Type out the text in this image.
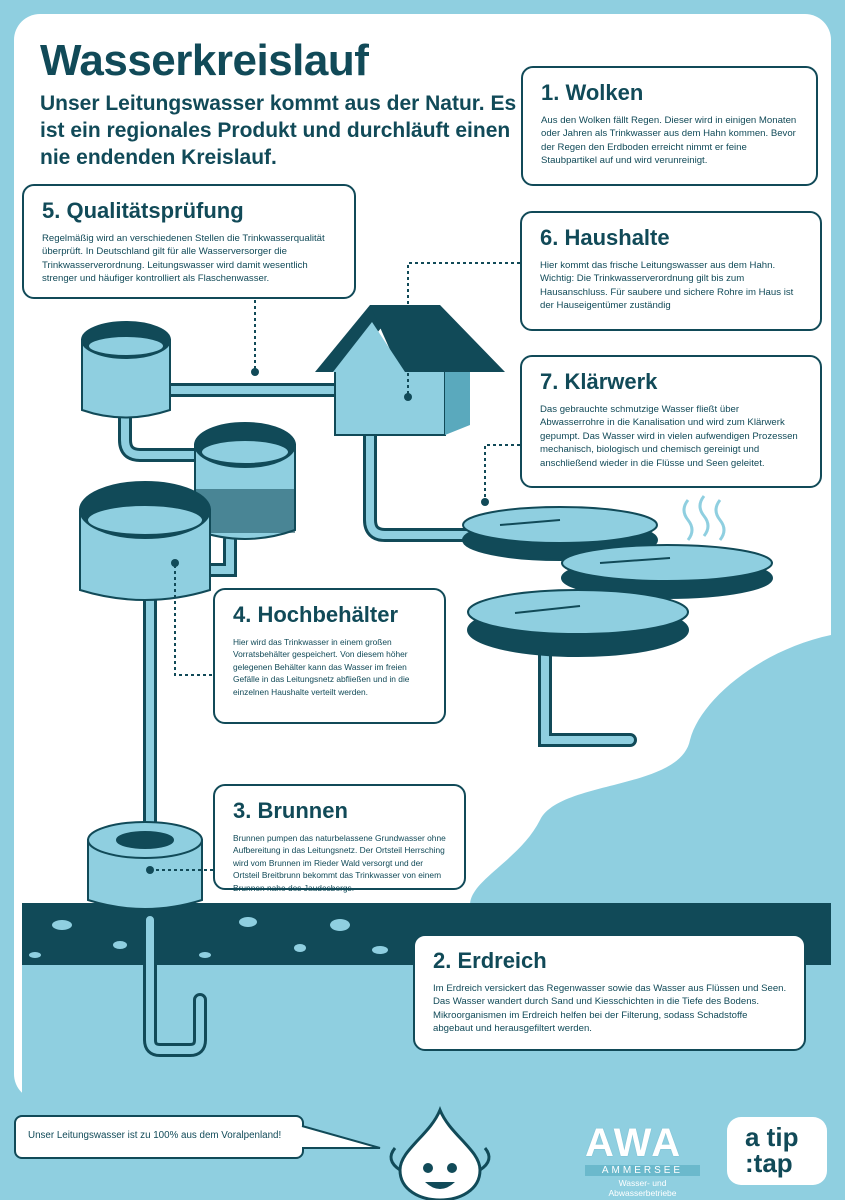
Wasserkreislauf

Unser Leitungswasser kommt aus der Natur. Es ist ein regionales Produkt und durchläuft einen nie endenden Kreislauf.

1. Wolken

Aus den Wolken fällt Regen. Dieser wird in einigen Monaten oder Jahren als Trinkwasser aus dem Hahn kommen. Bevor der Regen den Erdboden erreicht nimmt er feine Staubpartikel auf und wird verunreinigt.

5. Qualitätsprüfung

Regelmäßig wird an verschiedenen Stellen die Trinkwasserqualität überprüft. In Deutschland gilt für alle Wasserversorger die Trinkwasserverordnung. Leitungswasser wird damit wesentlich strenger und häufiger kontrolliert als Flaschenwasser.

6. Haushalte

Hier kommt das frische Leitungswasser aus dem Hahn. Wichtig: Die Trinkwasserverordnung gilt bis zum Hausanschluss. Für saubere und sichere Rohre im Haus ist der Hauseigentümer zuständig

7. Klärwerk

Das gebrauchte schmutzige Wasser fließt über Abwasserrohre in die Kanalisation und wird zum Klärwerk gepumpt. Das Wasser wird in vielen aufwendigen Prozessen mechanisch, biologisch und chemisch gereinigt und anschließend wieder in die Flüsse und Seen geleitet.

4. Hochbehälter

Hier wird das Trinkwasser in einem großen Vorratsbehälter gespeichert. Von diesem höher gelegenen Behälter kann das Wasser im freien Gefälle in das Leitungsnetz abfließen und in die einzelnen Haushalte verteilt werden.

3. Brunnen

Brunnen pumpen das naturbelassene Grundwasser ohne Aufbereitung in das Leitungsnetz. Der Ortsteil Herrsching wird vom Brunnen im Rieder Wald versorgt und der Ortsteil Breitbrunn bekommt das Trinkwasser von einem Brunnen nahe des Jaudesbergs.

2. Erdreich

Im Erdreich versickert das Regenwasser sowie das Wasser aus Flüssen und Seen. Das Wasser wandert durch Sand und Kiesschichten in die Tiefe des Bodens. Mikroorganismen im Erdreich helfen bei der Filterung, sodass Schadstoffe abgebaut und herausgefiltert werden.

Unser Leitungswasser ist zu 100% aus dem Voralpenland!	AWA
AMMERSEE
Wasser- und Abwasserbetriebe
a tip
:tap
